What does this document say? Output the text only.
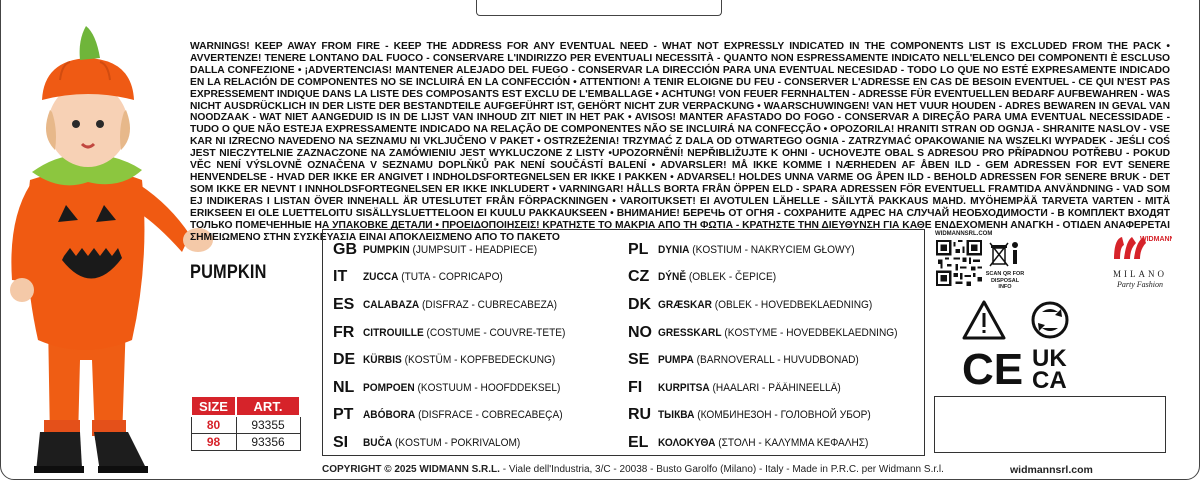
WARNINGS! KEEP AWAY FROM FIRE - KEEP THE ADDRESS FOR ANY EVENTUAL NEED - WHAT NOT EXPRESSLY INDICATED IN THE COMPONENTS LIST IS EXCLUDED FROM THE PACK • AVVERTENZE! TENERE LONTANO DAL FUOCO - CONSERVARE L'INDIRIZZO PER EVENTUALI NECESSITÀ - QUANTO NON ESPRESSAMENTE INDICATO NELL'ELENCO DEI COMPONENTI È ESCLUSO DALLA CONFEZIONE • ¡ADVERTENCIAS! MANTENER ALEJADO DEL FUEGO - CONSERVAR LA DIRECCIÓN PARA UNA EVENTUAL NECESIDAD - TODO LO QUE NO ESTÉ EXPRESAMENTE INDICADO EN LA RELACIÓN DE COMPONENTES NO SE INCLUIRÁ EN LA CONFECCIÓN • ATTENTION! A TENIR ELOIGNE DU FEU - CONSERVER L'ADRESSE EN CAS DE BESOIN EVENTUEL - CE QUI N'EST PAS EXPRESSEMENT INDIQUE DANS LA LISTE DES COMPOSANTS EST EXCLU DE L'EMBALLAGE • ACHTUNG! VON FEUER FERNHALTEN - ADRESSE FÜR EVENTUELLEN BEDARF AUFBEWAHREN - WAS NICHT AUSDRÜCKLICH IN DER LISTE DER BESTANDTEILE AUFGEFÜHRT IST, GEHÖRT NICHT ZUR VERPACKUNG • WAARSCHUWINGEN! VAN HET VUUR HOUDEN - ADRES BEWAREN IN GEVAL VAN NOODZAAK - WAT NIET AANGEDUID IS IN DE LIJST VAN INHOUD ZIT NIET IN HET PAK • AVISOS! MANTER AFASTADO DO FOGO - CONSERVAR A DIREÇÃO PARA UMA EVENTUAL NECESSIDADE - TUDO O QUE NÃO ESTEJA EXPRESSAMENTE INDICADO NA RELAÇÃO DE COMPONENTES NÃO SE INCLUIRÁ NA CONFECÇÃO • OPOZORILA! HRANITI STRAN OD OGNJA - SHRANITE NASLOV - VSE KAR NI IZRECNO NAVEDENO NA SEZNAMU NI VKLJUČENO V PAKET • OSTRZEŻENIA! TRZYMAĆ Z DALA OD OTWARTEGO OGNIA - ZATRZYMAĆ OPAKOWANIE NA WSZELKI WYPADEK - JEŚLI COŚ JEST NIECZYTELNIE ZAZNACZONE NA ZAMÓWIENIU JEST WYKLUCZONE Z LISTY •UPOZORNĚNÍ! NEPŘIBLIŽUJTE K OHNI - UCHOVEJTE OBAL S ADRESOU PRO PŘÍPADNOU POTŘEBU - POKUD VĚC NENÍ VÝSLOVNĚ OZNAČENA V SEZNAMU DOPLŇKŮ PAK NENÍ SOUČÁSTÍ BALENÍ • ADVARSLER! MÅ IKKE KOMME I NÆRHEDEN AF ÅBEN ILD - GEM ADRESSEN FOR EVT SENERE HENVENDELSE - HVAD DER IKKE ER ANGIVET I INDHOLDSFORTEGNELSEN ER IKKE I PAKKEN • ADVARSEL! HOLDES UNNA VARME OG ÅPEN ILD - BEHOLD ADRESSEN FOR SENERE BRUK - DET SOM IKKE ER NEVNT I INNHOLDSFORTEGNELSEN ER IKKE INKLUDERT • VARNINGAR! HÅLLS BORTA FRÅN ÖPPEN ELD - SPARA ADRESSEN FÖR EVENTUELL FRAMTIDA ANVÄNDNING - VAD SOM EJ INDIKERAS I LISTAN ÖVER INNEHALL ÄR UTESLUTET FRÅN FÖRPACKNINGEN • VAROITUKSET! EI AVOTULEN LÄHELLE - SÄILYTÄ PAKKAUS MAHD. MYÖHEMPÄÄ TARVETA VARTEN - MITÄ ERIKSEEN EI OLE LUETTELOITU SISÄLLYSLUETTELOON EI KUULU PAKKAUKSEEN • ВНИМАНИЕ! БЕРЕЧЬ ОТ ОГНЯ - СОХРАНИТЕ АДРЕС НА СЛУЧАЙ НЕОБХОДИМОСТИ - В КОМПЛЕКТ ВХОДЯТ ТОЛЬКО ПОМЕЧЕННЫЕ НА УПАКОВКЕ ДЕТАЛИ • ΠΡΟΕΙΔΟΠΟΙΗΣΕΙΣ! ΚΡΑΤΗΣΤΕ ΤΟ ΜΑΚΡΙΑ ΑΠΟ ΤΗ ΦΩΤΙΑ - ΚΡΑΤΗΣΤΕ ΤΗΝ ΔΙΕΥΘΥΝΣΗ ΓΙΑ ΚΑΘΕ ΕΝΔΕΧΟΜΕΝΗ ΑΝΑΓΚΗ - ΟΤΙΔΕΝ ΑΝΑΦΕΡΕΤΑΙ ΣΗΜΕΙΩΜΕΝΟ ΣΤΗΝ ΣΥΣΚΕΥΑΣΙΑ ΕΙΝΑΙ ΑΠΟΚΛΕΙΣΜΕΝΟ ΑΠΟ ΤΟ ΠΑΚΕΤΟ
PUMPKIN
GB PUMPKIN (JUMPSUIT - HEADPIECE)
IT	ZUCCA (TUTA - COPRICAPO)
ES CALABAZA (DISFRAZ - CUBRECABEZA)
FR CITROUILLE (COSTUME - COUVRE-TETE)
DE KÜRBIS (KOSTÜM - KOPFBEDECKUNG)
NL POMPOEN (KOSTUUM - HOOFDDEKSEL)
PT ABÓBORA (DISFRACE - COBRECABEÇA)
SI	BUČA (KOSTUM - POKRIVALOM)
PL DYNIA (KOSTIUM - NAKRYCIEM GŁOWY)
CZ DÝNĚ (OBLEK - ČEPICE)
DK GRÆSKAR (OBLEK - HOVEDBEKLAEDNING)
NO GRESSKARL (KOSTYME - HOVEDBEKLAEDNING)
SE PUMPA (BARNOVERALL - HUVUDBONAD)
FI	KURPITSA (HAALARI - PÄÄHINEELLÄ)
RU ТЫКВА (КОМБИНЕЗОН - ГОЛОВНОЙ УБОР)
EL ΚΟΛΟΚΥΘΑ (ΣΤΟΛΗ - ΚΑΛΥΜΜΑ ΚΕΦΑΛΗΣ)
SIZE	ART.
80	93355
98	93356
COPYRIGHT © 2025 WIDMANN S.R.L. - Viale dell'Industria, 3/C - 20038 - Busto Garolfo (Milano) - Italy - Made in P.R.C. per Widmann S.r.l.	widmannsrl.com
WIDMANNSRL.COM
SCAN QR FOR
DISPOSAL INFO
WIDMANN
MILANO
Party Fashion
CE UK
CA
